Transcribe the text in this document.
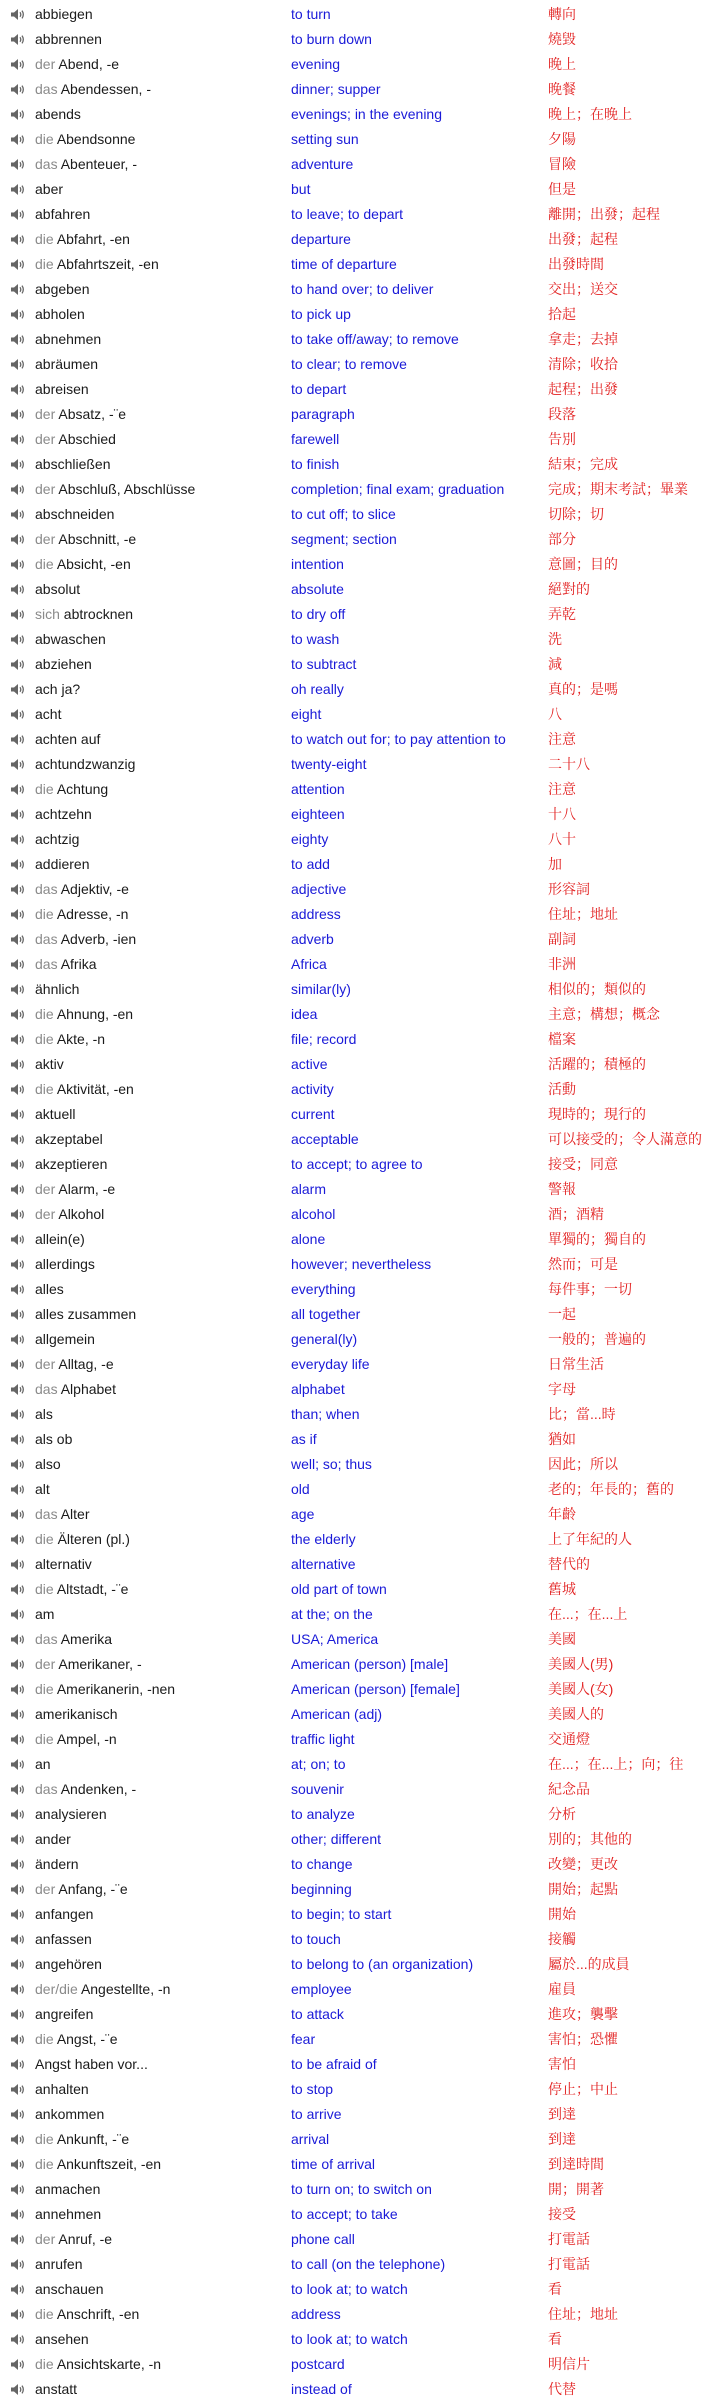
abbiegen	to turn	轉向
abbrennen	to burn down	燒毀
der Abend, -e	evening	晚上
das Abendessen, -	dinner; supper	晚餐
abends	evenings; in the evening	晚上；在晚上
die Abendsonne	setting sun	夕陽
das Abenteuer, -	adventure	冒險
aber	but	但是
abfahren	to leave; to depart	離開；出發；起程
die Abfahrt, -en	departure	出發；起程
die Abfahrtszeit, -en	time of departure	出發時間
abgeben	to hand over; to deliver	交出；送交
abholen	to pick up	拾起
abnehmen	to take off/away; to remove	拿走；去掉
abräumen	to clear; to remove	清除；收拾
abreisen	to depart	起程；出發
der Absatz, -¨e	paragraph	段落
der Abschied	farewell	告別
abschließen	to finish	結束；完成
der Abschluß, Abschlüsse	completion; final exam; graduation	完成；期末考試；畢業
abschneiden	to cut off; to slice	切除；切
der Abschnitt, -e	segment; section	部分
die Absicht, -en	intention	意圖；目的
absolut	absolute	絕對的
sich abtrocknen	to dry off	弄乾
abwaschen	to wash	洗
abziehen	to subtract	減
ach ja?	oh really	真的；是嗎
acht	eight	八
achten auf	to watch out for; to pay attention to	注意
achtundzwanzig	twenty-eight	二十八
die Achtung	attention	注意
achtzehn	eighteen	十八
achtzig	eighty	八十
addieren	to add	加
das Adjektiv, -e	adjective	形容詞
die Adresse, -n	address	住址；地址
das Adverb, -ien	adverb	副詞
das Afrika	Africa	非洲
ähnlich	similar(ly)	相似的；類似的
die Ahnung, -en	idea	主意；構想；概念
die Akte, -n	file; record	檔案
aktiv	active	活躍的；積極的
die Aktivität, -en	activity	活動
aktuell	current	現時的；現行的
akzeptabel	acceptable	可以接受的；令人滿意的
akzeptieren	to accept; to agree to	接受；同意
der Alarm, -e	alarm	警報
der Alkohol	alcohol	酒；酒精
allein(e)	alone	單獨的；獨自的
allerdings	however; nevertheless	然而；可是
alles	everything	每件事；一切
alles zusammen	all together	一起
allgemein	general(ly)	一般的；普遍的
der Alltag, -e	everyday life	日常生活
das Alphabet	alphabet	字母
als	than; when	比；當...時
als ob	as if	猶如
also	well; so; thus	因此；所以
alt	old	老的；年長的；舊的
das Alter	age	年齡
die Älteren (pl.)	the elderly	上了年紀的人
alternativ	alternative	替代的
die Altstadt, -¨e	old part of town	舊城
am	at the; on the	在...；在...上
das Amerika	USA; America	美國
der Amerikaner, -	American (person) [male]	美國人(男)
die Amerikanerin, -nen	American (person) [female]	美國人(女)
amerikanisch	American (adj)	美國人的
die Ampel, -n	traffic light	交通燈
an	at; on; to	在...；在...上；向；往
das Andenken, -	souvenir	紀念品
analysieren	to analyze	分析
ander	other; different	別的；其他的
ändern	to change	改變；更改
der Anfang, -¨e	beginning	開始；起點
anfangen	to begin; to start	開始
anfassen	to touch	接觸
angehören	to belong to (an organization)	屬於...的成員
der/die Angestellte, -n	employee	雇員
angreifen	to attack	進攻；襲擊
die Angst, -¨e	fear	害怕；恐懼
Angst haben vor...	to be afraid of	害怕
anhalten	to stop	停止；中止
ankommen	to arrive	到達
die Ankunft, -¨e	arrival	到達
die Ankunftszeit, -en	time of arrival	到達時間
anmachen	to turn on; to switch on	開；開著
annehmen	to accept; to take	接受
der Anruf, -e	phone call	打電話
anrufen	to call (on the telephone)	打電話
anschauen	to look at; to watch	看
die Anschrift, -en	address	住址；地址
ansehen	to look at; to watch	看
die Ansichtskarte, -n	postcard	明信片
anstatt	instead of	代替
